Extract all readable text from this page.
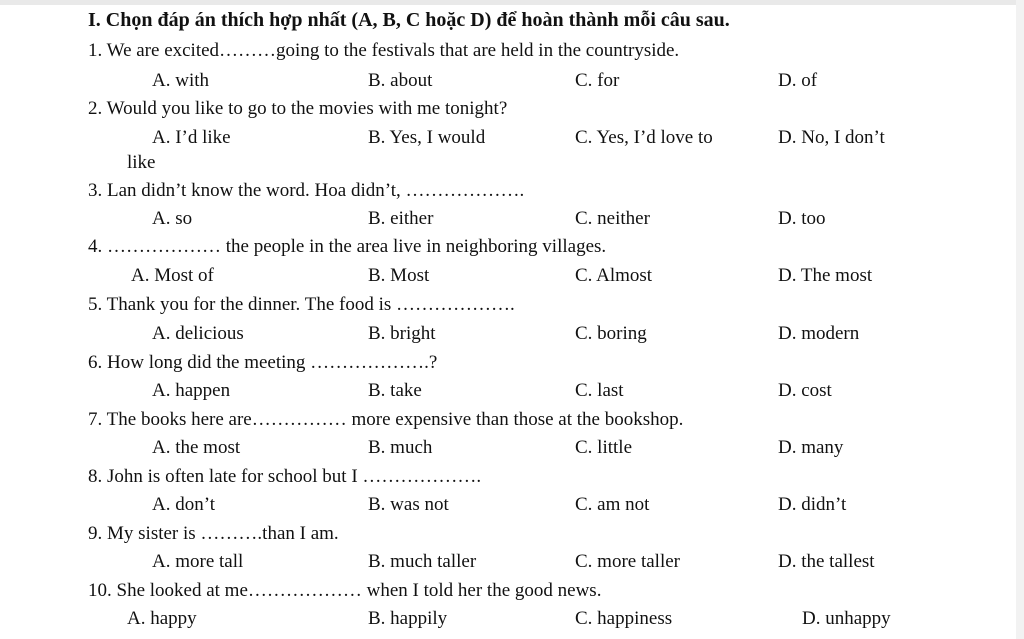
I. Chọn đáp án thích hợp nhất (A, B, C hoặc D) để hoàn thành mỗi câu sau.
1. We are excited………going to the festivals that are held in the countryside.
A. with	B. about	C. for	D. of
2. Would you like to go to the movies with me tonight?
A. I’d like	B. Yes, I would	C. Yes, I’d love to	D. No, I don’t
like
3. Lan didn’t know the word. Hoa didn’t, ……………….
A. so	B. either	C. neither	D. too
4. ……………… the people in the area live in neighboring villages.
A. Most of	B. Most	C. Almost	D. The most
5. Thank you for the dinner. The food is ……………….
A. delicious	B. bright	C. boring	D. modern
6. How long did the meeting ……………….?
A. happen	B. take	C. last	D. cost
7. The books here are…………… more expensive than those at the bookshop.
A. the most	B. much	C. little	D. many
8. John is often late for school but I ……………….
A. don’t	B. was not	C. am not	D. didn’t
9. My sister is ……….than I am.
A. more tall	B. much taller	C. more taller	D. the tallest
10. She looked at me……………… when I told her the good news.
A. happy	B. happily	C. happiness	D. unhappy
